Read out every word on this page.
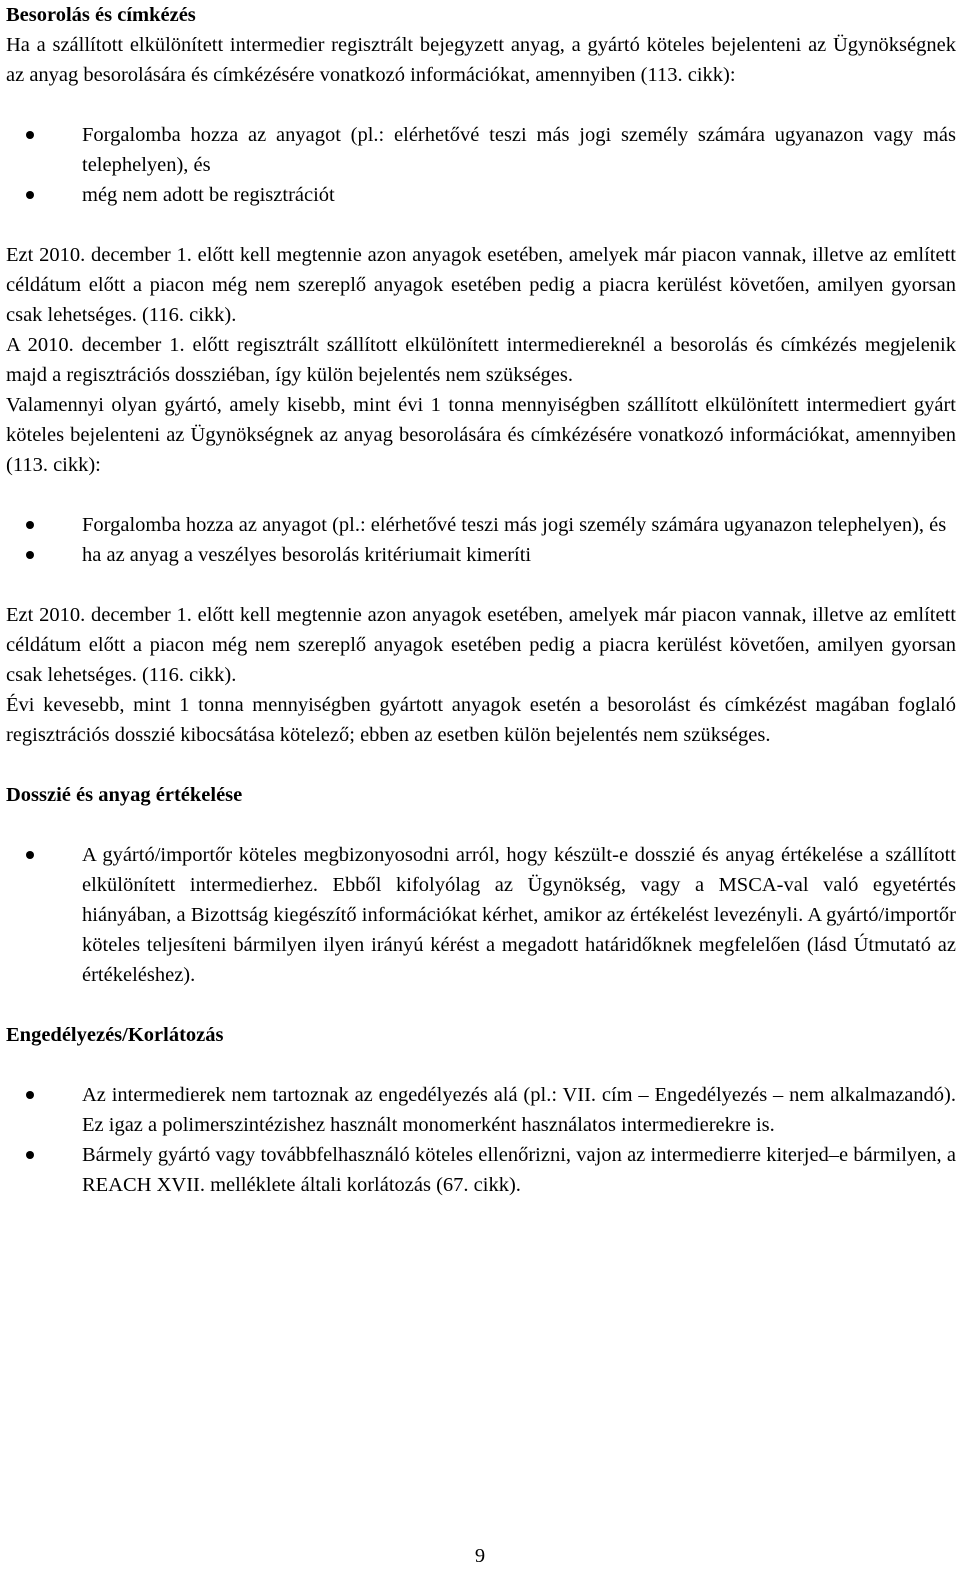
Besorolás és címkézés

Ha a szállított elkülönített intermedier regisztrált bejegyzett anyag, a gyártó köteles bejelenteni az Ügynökségnek az anyag besorolására és címkézésére vonatkozó információkat, amennyiben (113. cikk):

Forgalomba hozza az anyagot (pl.: elérhetővé teszi más jogi személy számára ugyanazon vagy más telephelyen), és
még nem adott be regisztrációt

Ezt 2010. december 1. előtt kell megtennie azon anyagok esetében, amelyek már piacon vannak, illetve az említett céldátum előtt a piacon még nem szereplő anyagok esetében pedig a piacra kerülést követően, amilyen gyorsan csak lehetséges. (116. cikk).

A 2010. december 1. előtt regisztrált szállított elkülönített intermediereknél a besorolás és címkézés megjelenik majd a regisztrációs dossziéban, így külön bejelentés nem szükséges.

Valamennyi olyan gyártó, amely kisebb, mint évi 1 tonna mennyiségben szállított elkülönített intermediert gyárt köteles bejelenteni az Ügynökségnek az anyag besorolására és címkézésére vonatkozó információkat, amennyiben (113. cikk):

Forgalomba hozza az anyagot (pl.: elérhetővé teszi más jogi személy számára ugyanazon telephelyen), és
ha az anyag a veszélyes besorolás kritériumait kimeríti

Ezt 2010. december 1. előtt kell megtennie azon anyagok esetében, amelyek már piacon vannak, illetve az említett céldátum előtt a piacon még nem szereplő anyagok esetében pedig a piacra kerülést követően, amilyen gyorsan csak lehetséges. (116. cikk).

Évi kevesebb, mint 1 tonna mennyiségben gyártott anyagok esetén a besorolást és címkézést magában foglaló regisztrációs dosszié kibocsátása kötelező; ebben az esetben külön bejelentés nem szükséges.

Dosszié és anyag értékelése
A gyártó/importőr köteles megbizonyosodni arról, hogy készült-e dosszié és anyag értékelése a szállított elkülönített intermedierhez. Ebből kifolyólag az Ügynökség, vagy a MSCA-val való egyetértés hiányában, a Bizottság kiegészítő információkat kérhet, amikor az értékelést levezényli. A gyártó/importőr köteles teljesíteni bármilyen ilyen irányú kérést a megadott határidőknek megfelelően (lásd Útmutató az értékeléshez).
Engedélyezés/Korlátozás
Az intermedierek nem tartoznak az engedélyezés alá (pl.: VII. cím – Engedélyezés – nem alkalmazandó). Ez igaz a polimerszintézishez használt monomerként használatos intermedierekre is.
Bármely gyártó vagy továbbfelhasználó köteles ellenőrizni, vajon az intermedierre kiterjed–e bármilyen, a REACH XVII. melléklete általi korlátozás (67. cikk).
9
